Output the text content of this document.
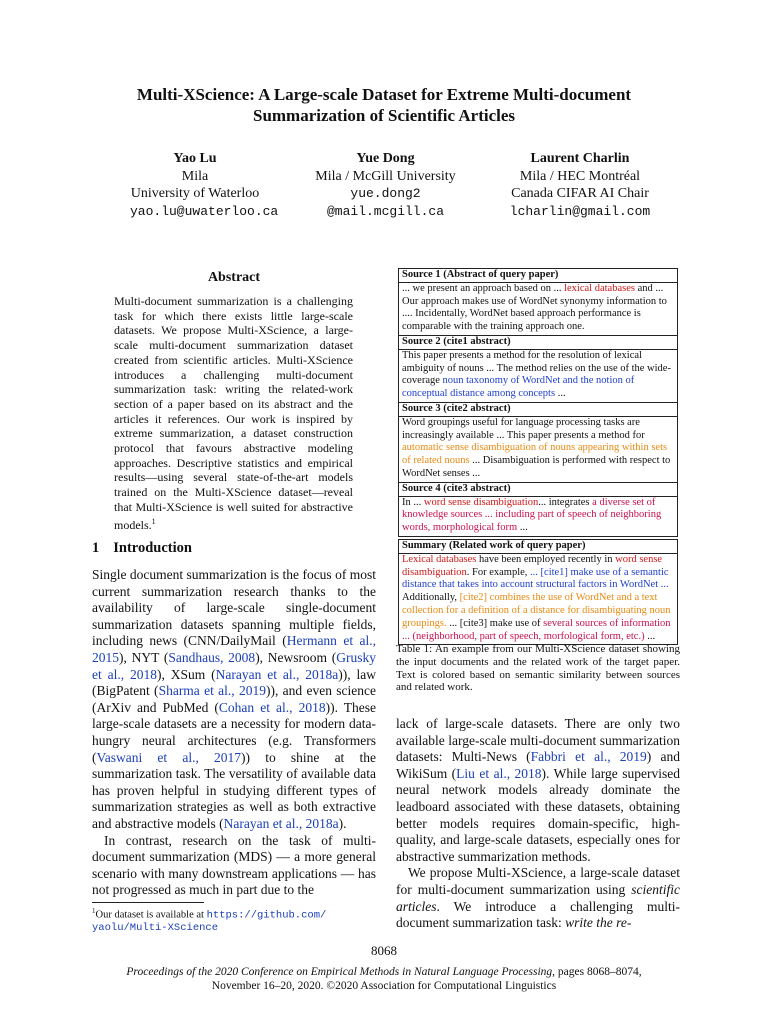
Multi-XScience: A Large-scale Dataset for Extreme Multi-document
Summarization of Scientific Articles
Yao Lu
Mila
University of Waterloo
yao.lu@uwaterloo.ca
Yue Dong
Mila / McGill University
yue.dong2
@mail.mcgill.ca
Laurent Charlin
Mila / HEC Montréal
Canada CIFAR AI Chair
lcharlin@gmail.com
Abstract
Multi-document summarization is a challenging task for which there exists little large-scale datasets. We propose Multi-XScience, a large-scale multi-document summarization dataset created from scientific articles. Multi-XScience introduces a challenging multi-document summarization task: writing the related-work section of a paper based on its abstract and the articles it references. Our work is inspired by extreme summarization, a dataset construction protocol that favours abstractive modeling approaches. Descriptive statistics and empirical results—using several state-of-the-art models trained on the Multi-XScience dataset—reveal that Multi-XScience is well suited for abstractive models.$^1$
1 Introduction

Single document summarization is the focus of most current summarization research thanks to the availability of large-scale single-document summarization datasets spanning multiple fields, including news (CNN/DailyMail (Hermann et al., 2015), NYT (Sandhaus, 2008), Newsroom (Grusky et al., 2018), XSum (Narayan et al., 2018a)), law (BigPatent (Sharma et al., 2019)), and even science (ArXiv and PubMed (Cohan et al., 2018)). These large-scale datasets are a necessity for modern data-hungry neural architectures (e.g. Transformers (Vaswani et al., 2017)) to shine at the summarization task. The versatility of available data has proven helpful in studying different types of summarization strategies as well as both extractive and abstractive models (Narayan et al., 2018a).

In contrast, research on the task of multi-document summarization (MDS) — a more general scenario with many downstream applications — has not progressed as much in part due to the

$^1$Our dataset is available at https://github.com/
yaolu/Multi-XScience
Source 1 (Abstract of query paper)
... we present an approach based on ... lexical databases and ... Our approach makes use of WordNet synonymy information to .... Incidentally, WordNet based approach performance is comparable with the training approach one.
Source 2 (cite1 abstract)
This paper presents a method for the resolution of lexical ambiguity of nouns ... The method relies on the use of the wide-coverage noun taxonomy of WordNet and the notion of conceptual distance among concepts ...
Source 3 (cite2 abstract)
Word groupings useful for language processing tasks are increasingly available ... This paper presents a method for automatic sense disambiguation of nouns appearing within sets of related nouns ... Disambiguation is performed with respect to WordNet senses ...
Source 4 (cite3 abstract)
In ... word sense disambiguation... integrates a diverse set of knowledge sources ... including part of speech of neighboring words, morphological form ...
Summary (Related work of query paper)
Lexical databases have been employed recently in word sense disambiguation. For example, ... [cite1] make use of a semantic distance that takes into account structural factors in WordNet ... Additionally, [cite2] combines the use of WordNet and a text collection for a definition of a distance for disambiguating noun groupings. ... [cite3] make use of several sources of information ... (neighborhood, part of speech, morfological form, etc.) ...
Table 1: An example from our Multi-XScience dataset showing the input documents and the related work of the target paper. Text is colored based on semantic similarity between sources and related work.

lack of large-scale datasets. There are only two available large-scale multi-document summarization datasets: Multi-News (Fabbri et al., 2019) and WikiSum (Liu et al., 2018). While large supervised neural network models already dominate the leadboard associated with these datasets, obtaining better models requires domain-specific, high-quality, and large-scale datasets, especially ones for abstractive summarization methods.

We propose Multi-XScience, a large-scale dataset for multi-document summarization using scientific articles. We introduce a challenging multi-document summarization task: write the re-

8068
Proceedings of the 2020 Conference on Empirical Methods in Natural Language Processing, pages 8068–8074,
November 16–20, 2020. ©2020 Association for Computational Linguistics
